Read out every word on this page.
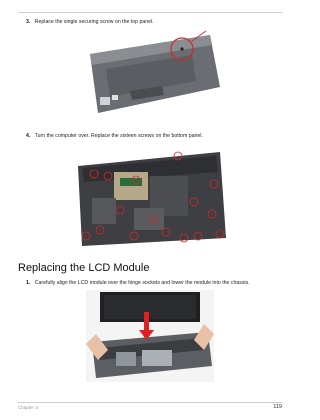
3. Replace the single securing screw on the top panel.
4. Turn the computer over. Replace the sixteen screws on the bottom panel.
Replacing the LCD Module
1. Carefully align the LCD module over the hinge sockets and lower the module into the chassis.
Chapter 3	119
